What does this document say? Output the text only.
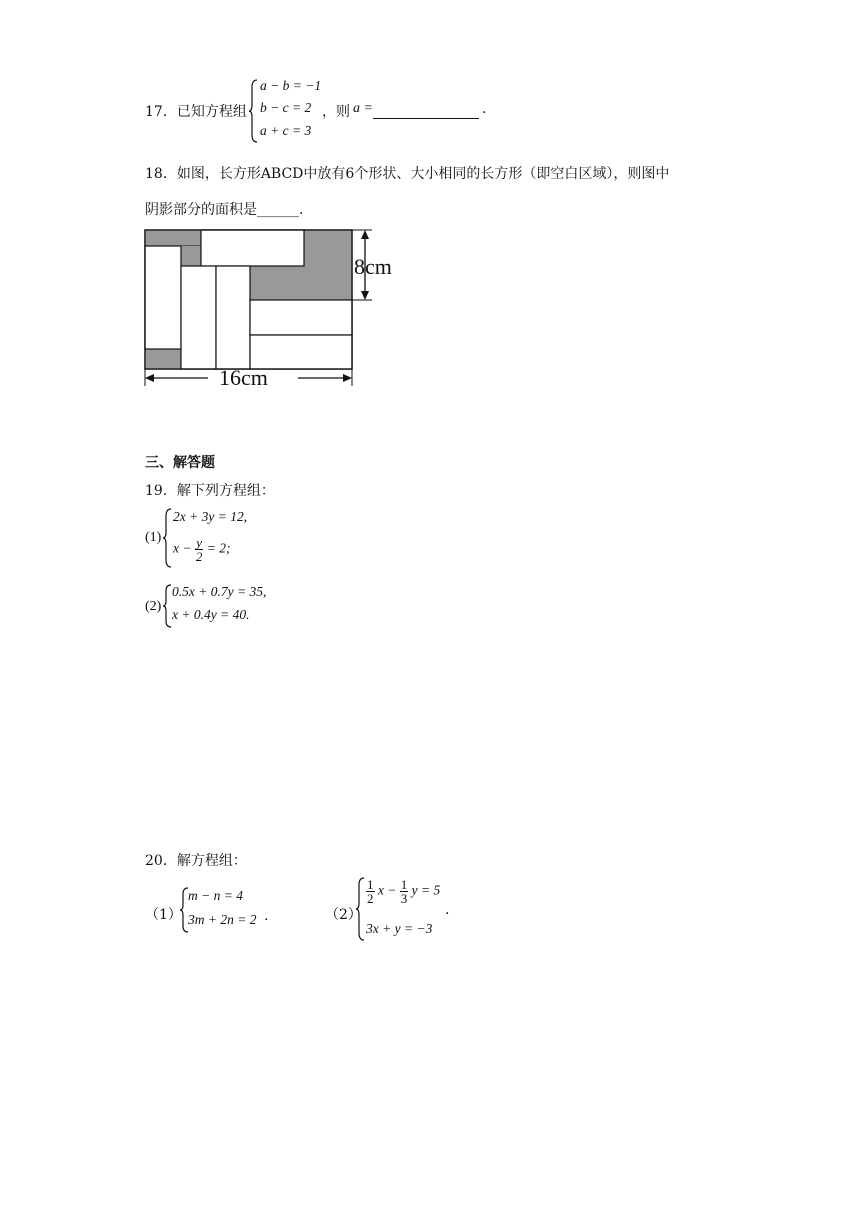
17．已知方程组
a − b = −1
b − c = 2
a + c = 3
，则 a =	.
18．如图，长方形ABCD中放有6个形状、大小相同的长方形（即空白区域），则图中
阴影部分的面积是______.
8cm
16cm
三、解答题
19．解下列方程组：
(1)
2x + 3y = 12,
$x - \frac{y}{2} = 2$;
(2)
0.5x + 0.7y = 35,
x + 0.4y = 40.
20．解方程组：
（1）
m − n = 4
3m + 2n = 2 .	（2）
$\frac{1}{2}$ $x - \frac{1}{3}$ y = 5
3x + y = −3
.
